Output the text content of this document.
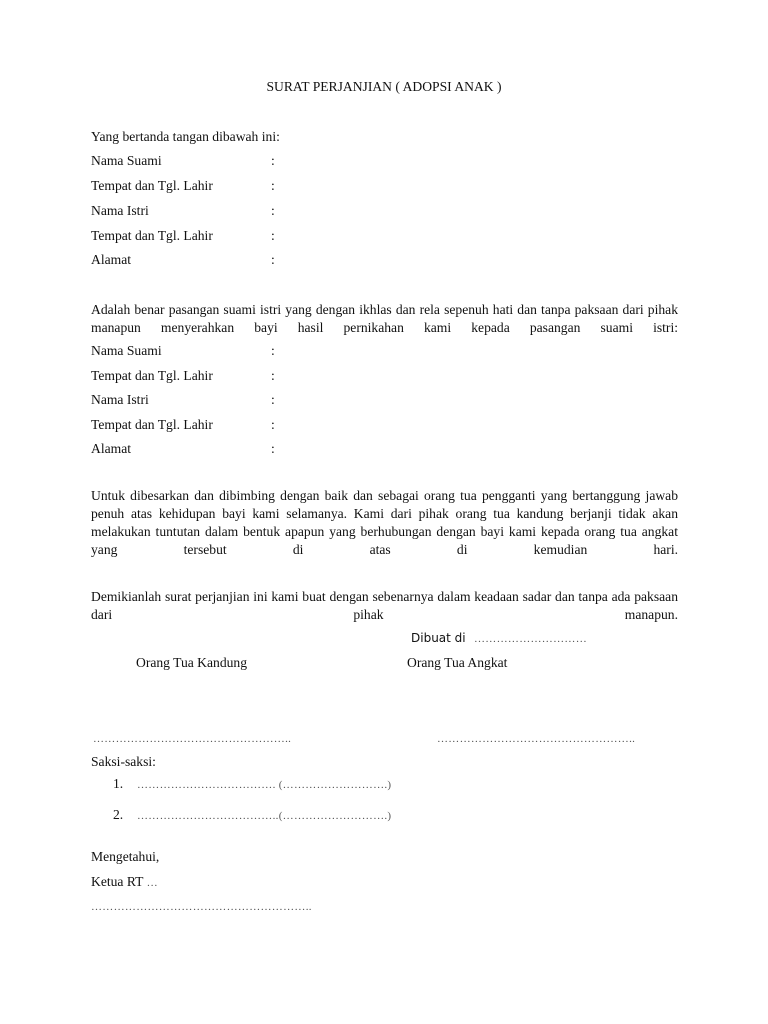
SURAT PERJANJIAN ( ADOPSI ANAK )
Yang bertanda tangan dibawah ini:
Nama Suami
Tempat dan Tgl. Lahir
Nama Istri
Tempat dan Tgl. Lahir
Alamat
:
:
:
:
:
Adalah benar pasangan suami istri yang dengan ikhlas dan rela sepenuh hati dan tanpa paksaan dari pihak manapun menyerahkan bayi hasil pernikahan kami kepada pasangan suami istri:
Nama Suami
Tempat dan Tgl. Lahir
Nama Istri
Tempat dan Tgl. Lahir
Alamat
:
:
:
:
:
Untuk dibesarkan dan dibimbing dengan baik dan sebagai orang tua pengganti yang bertanggung jawab penuh atas kehidupan bayi kami selamanya. Kami dari pihak orang tua kandung berjanji tidak akan melakukan tuntutan dalam bentuk apapun yang berhubungan dengan bayi kami kepada orang tua angkat yang tersebut di atas di kemudian hari.
Demikianlah surat perjanjian ini kami buat dengan sebenarnya dalam keadaan sadar dan tanpa ada paksaan dari pihak manapun.
Dibuat di …………………………
Orang Tua Kandung	Orang Tua Angkat
……………………………………………..	……………………………………………..
Saksi-saksi:
1. ………………………………. (……………………….)
2. ………………………………..(……………………….)
Mengetahui,
Ketua RT …
…………………………………………………..
